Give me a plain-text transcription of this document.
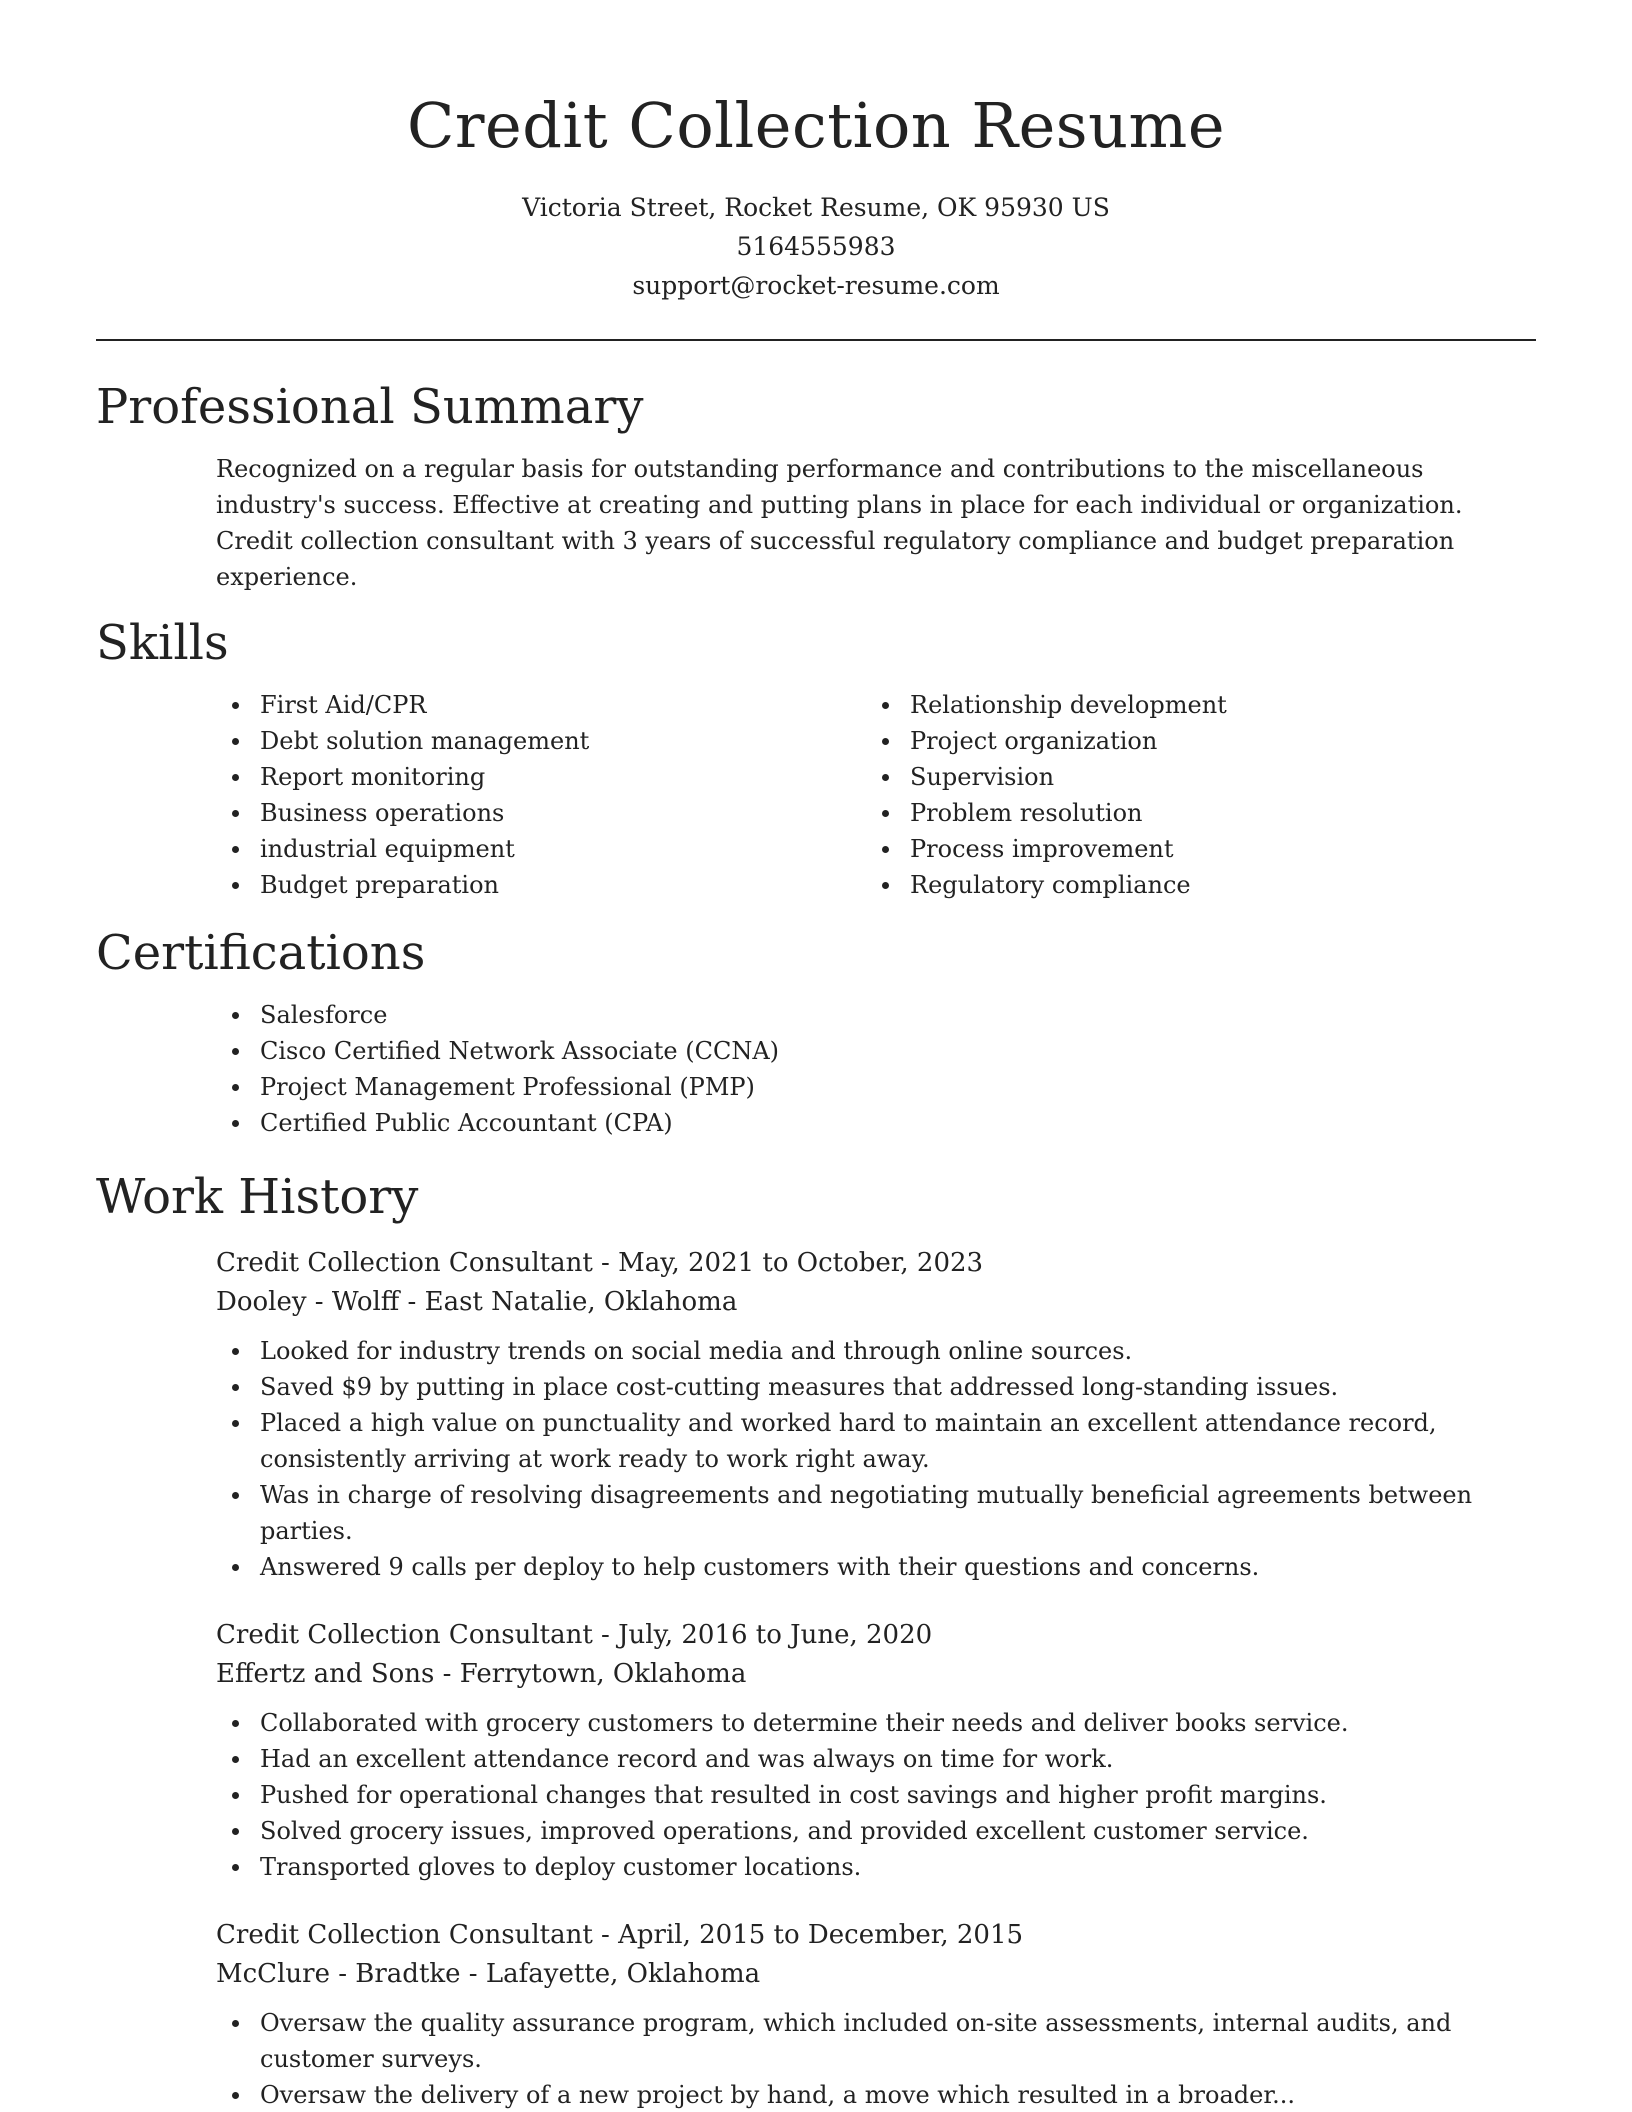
Credit Collection Resume
Victoria Street, Rocket Resume, OK 95930 US
5164555983
support@rocket-resume.com
Professional Summary

Recognized on a regular basis for outstanding performance and contributions to the miscellaneous industry's success. Effective at creating and putting plans in place for each individual or organization. Credit collection consultant with 3 years of successful regulatory compliance and budget preparation experience.

Skills
First Aid/CPR
Debt solution management
Report monitoring
Business operations
industrial equipment
Budget preparation
Relationship development
Project organization
Supervision
Problem resolution
Process improvement
Regulatory compliance
Certifications
Salesforce
Cisco Certified Network Associate (CCNA)
Project Management Professional (PMP)
Certified Public Accountant (CPA)
Work History
Credit Collection Consultant - May, 2021 to October, 2023
Dooley - Wolff - East Natalie, Oklahoma
Looked for industry trends on social media and through online sources.
Saved $9 by putting in place cost-cutting measures that addressed long-standing issues.
Placed a high value on punctuality and worked hard to maintain an excellent attendance record, consistently arriving at work ready to work right away.
Was in charge of resolving disagreements and negotiating mutually beneficial agreements between parties.
Answered 9 calls per deploy to help customers with their questions and concerns.
Credit Collection Consultant - July, 2016 to June, 2020
Effertz and Sons - Ferrytown, Oklahoma
Collaborated with grocery customers to determine their needs and deliver books service.
Had an excellent attendance record and was always on time for work.
Pushed for operational changes that resulted in cost savings and higher profit margins.
Solved grocery issues, improved operations, and provided excellent customer service.
Transported gloves to deploy customer locations.
Credit Collection Consultant - April, 2015 to December, 2015
McClure - Bradtke - Lafayette, Oklahoma
Oversaw the quality assurance program, which included on-site assessments, internal audits, and customer surveys.
Oversaw the delivery of a new project by hand, a move which resulted in a broader...
